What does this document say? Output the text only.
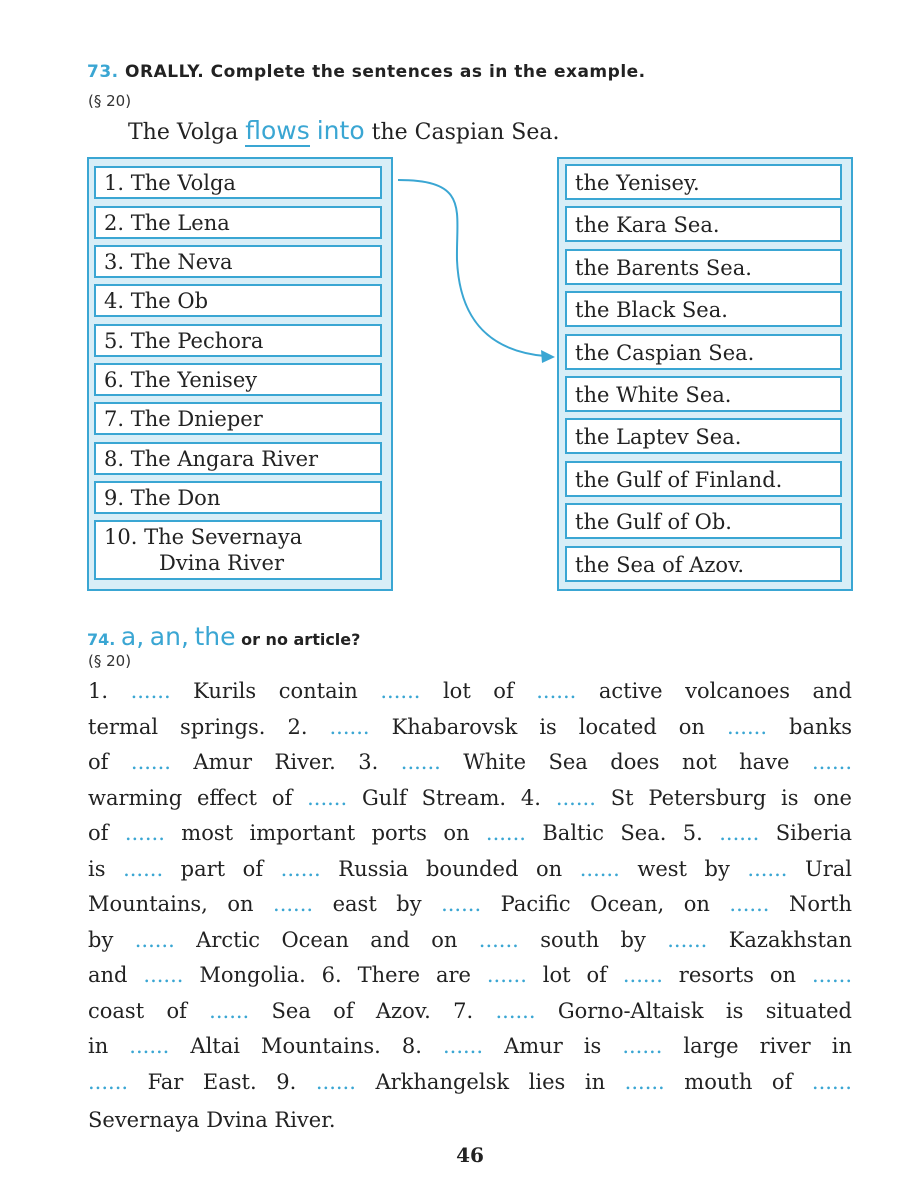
73. ORALLY. Complete the sentences as in the example.
(§ 20)
The Volga flows into the Caspian Sea.
1. The Volga
2. The Lena
3. The Neva
4. The Ob
5. The Pechora
6. The Yenisey
7. The Dnieper
8. The Angara River
9. The Don
10. The Severnaya
Dvina River
the Yenisey.
the Kara Sea.
the Barents Sea.
the Black Sea.
the Caspian Sea.
the White Sea.
the Laptev Sea.
the Gulf of Finland.
the Gulf of Ob.
the Sea of Azov.
74. a, an, the or no article?
(§ 20)
1. ...... Kurils contain ...... lot of ...... active volcanoes and
termal springs. 2. ...... Khabarovsk is located on ...... banks
of ...... Amur River. 3. ...... White Sea does not have ......
warming effect of ...... Gulf Stream. 4. ...... St Petersburg is one
of ...... most important ports on ...... Baltic Sea. 5. ...... Siberia
is ...... part of ...... Russia bounded on ...... west by ...... Ural
Mountains, on ...... east by ...... Pacific Ocean, on ...... North
by ...... Arctic Ocean and on ...... south by ...... Kazakhstan
and ...... Mongolia. 6. There are ...... lot of ...... resorts on ......
coast of ...... Sea of Azov. 7. ...... Gorno-Altaisk is situated
in ...... Altai Mountains. 8. ...... Amur is ...... large river in
...... Far East. 9. ...... Arkhangelsk lies in ...... mouth of ......
Severnaya Dvina River.
46
